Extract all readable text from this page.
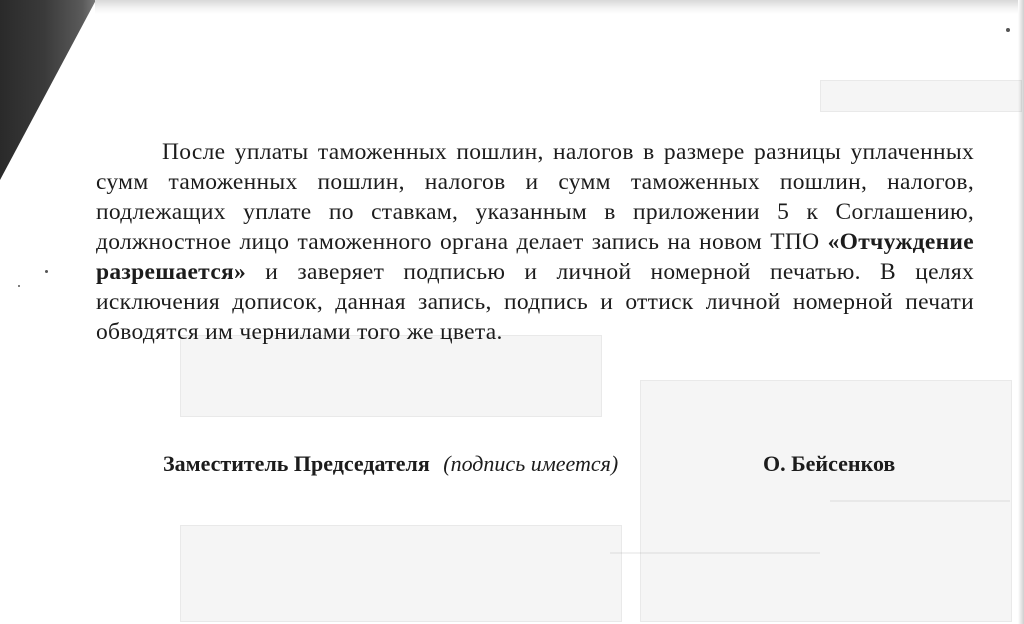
После уплаты таможенных пошлин, налогов в размере разницы уплаченных сумм таможенных пошлин, налогов и сумм таможенных пошлин, налогов, подлежащих уплате по ставкам, указанным в приложении 5 к Соглашению, должностное лицо таможенного органа делает запись на новом ТПО «Отчуждение разрешается» и заверяет подписью и личной номерной печатью. В целях исключения дописок, данная запись, подпись и оттиск личной номерной печати обводятся им чернилами того же цвета.

Заместитель Председателя (подпись имеется)	О. Бейсенков
